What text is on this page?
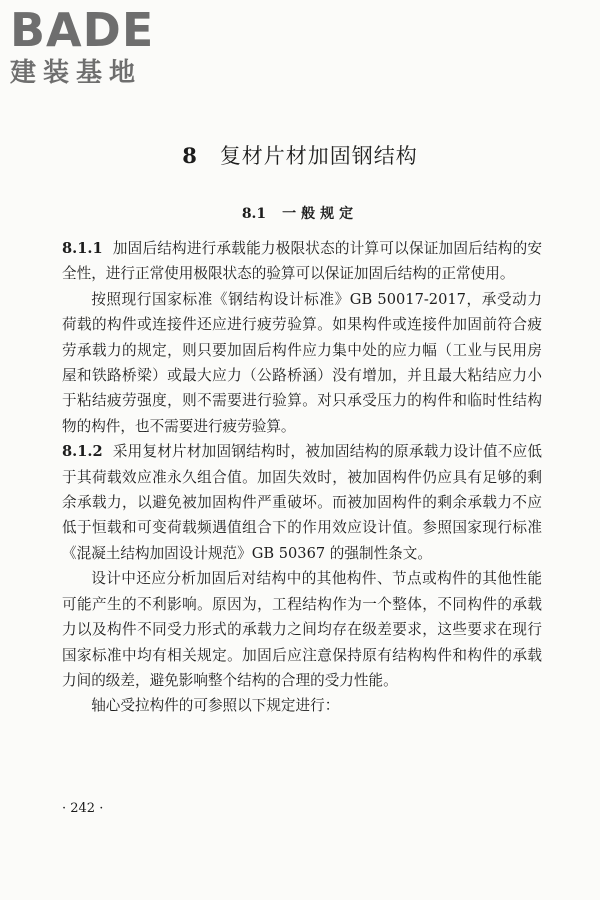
BADE
建装基地
8 复材片材加固钢结构
8.1 一般规定

8.1.1 加固后结构进行承载能力极限状态的计算可以保证加固后结构的安全性，进行正常使用极限状态的验算可以保证加固后结构的正常使用。

按照现行国家标准《钢结构设计标准》GB 50017-2017，承受动力荷载的构件或连接件还应进行疲劳验算。如果构件或连接件加固前符合疲劳承载力的规定，则只要加固后构件应力集中处的应力幅（工业与民用房屋和铁路桥梁）或最大应力（公路桥涵）没有增加，并且最大粘结应力小于粘结疲劳强度，则不需要进行验算。对只承受压力的构件和临时性结构物的构件，也不需要进行疲劳验算。

8.1.2 采用复材片材加固钢结构时，被加固结构的原承载力设计值不应低于其荷载效应准永久组合值。加固失效时，被加固构件仍应具有足够的剩余承载力，以避免被加固构件严重破坏。而被加固构件的剩余承载力不应低于恒载和可变荷载频遇值组合下的作用效应设计值。参照国家现行标准《混凝土结构加固设计规范》GB 50367 的强制性条文。

设计中还应分析加固后对结构中的其他构件、节点或构件的其他性能可能产生的不利影响。原因为，工程结构作为一个整体，不同构件的承载力以及构件不同受力形式的承载力之间均存在级差要求，这些要求在现行国家标准中均有相关规定。加固后应注意保持原有结构构件和构件的承载力间的级差，避免影响整个结构的合理的受力性能。

轴心受拉构件的可参照以下规定进行：

· 242 ·
